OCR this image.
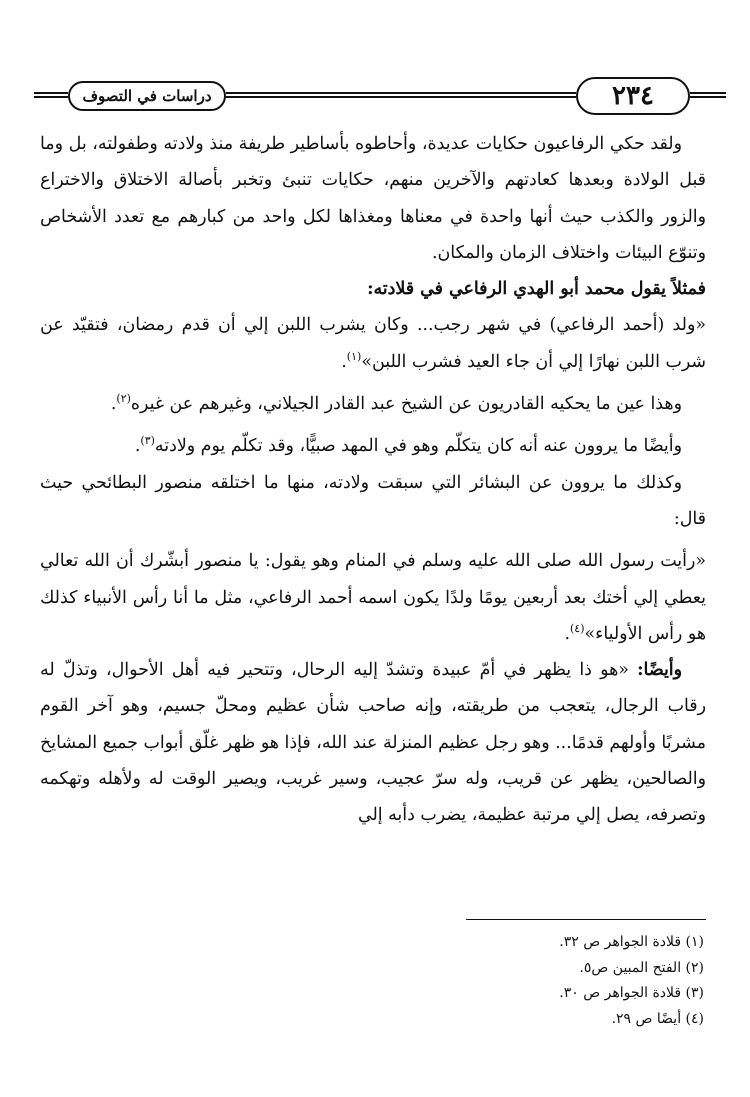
دراسات في التصوف	٢٣٤

ولقد حكي الرفاعيون حكايات عديدة، وأحاطوه بأساطير طريفة منذ ولادته وطفولته، بل وما قبل الولادة وبعدها كعادتهم والآخرين منهم، حكايات تنبئ وتخبر بأصالة الاختلاق والاختراع والزور والكذب حيث أنها واحدة في معناها ومغذاها لكل واحد من كبارهم مع تعدد الأشخاص وتنوّع البيئات واختلاف الزمان والمكان.

فمثلاً يقول محمد أبو الهدي الرفاعي في قلادته:

«ولد (أحمد الرفاعي) في شهر رجب... وكان يشرب اللبن إلي أن قدم رمضان، فتقيّد عن شرب اللبن نهارًا إلي أن جاء العيد فشرب اللبن»$^{(١)}$.

وهذا عين ما يحكيه القادريون عن الشيخ عبد القادر الجيلاني، وغيرهم عن غيره$^{(٢)}$.

وأيضًا ما يروون عنه أنه كان يتكلّم وهو في المهد صبيًّا، وقد تكلّم يوم ولادته$^{(٣)}$.

وكذلك ما يروون عن البشائر التي سبقت ولادته، منها ما اختلقه منصور البطائحي حيث قال:

«رأيت رسول الله صلى الله عليه وسلم في المنام وهو يقول: يا منصور أبشّرك أن الله تعالي يعطي إلي أختك بعد أربعين يومًا ولدًا يكون اسمه أحمد الرفاعي، مثل ما أنا رأس الأنبياء كذلك هو رأس الأولياء»$^{(٤)}$.

وأيضًا: «هو ذا يظهر في أمّ عبيدة وتشدّ إليه الرحال، وتتحير فيه أهل الأحوال، وتذلّ له رقاب الرجال، يتعجب من طريقته، وإنه صاحب شأن عظيم ومحلّ جسيم، وهو آخر القوم مشربًا وأولهم قدمًا... وهو رجل عظيم المنزلة عند الله، فإذا هو ظهر غلّق أبواب جميع المشايخ والصالحين، يظهر عن قريب، وله سرّ عجيب، وسير غريب، ويصير الوقت له ولأهله وتهكمه وتصرفه، يصل إلي مرتبة عظيمة، يضرب دأبه إلي

(١) قلادة الجواهر ص ٣٢.

(٢) الفتح المبين ص٥.

(٣) قلادة الجواهر ص ٣٠.

(٤) أيضًا ص ٢٩.
